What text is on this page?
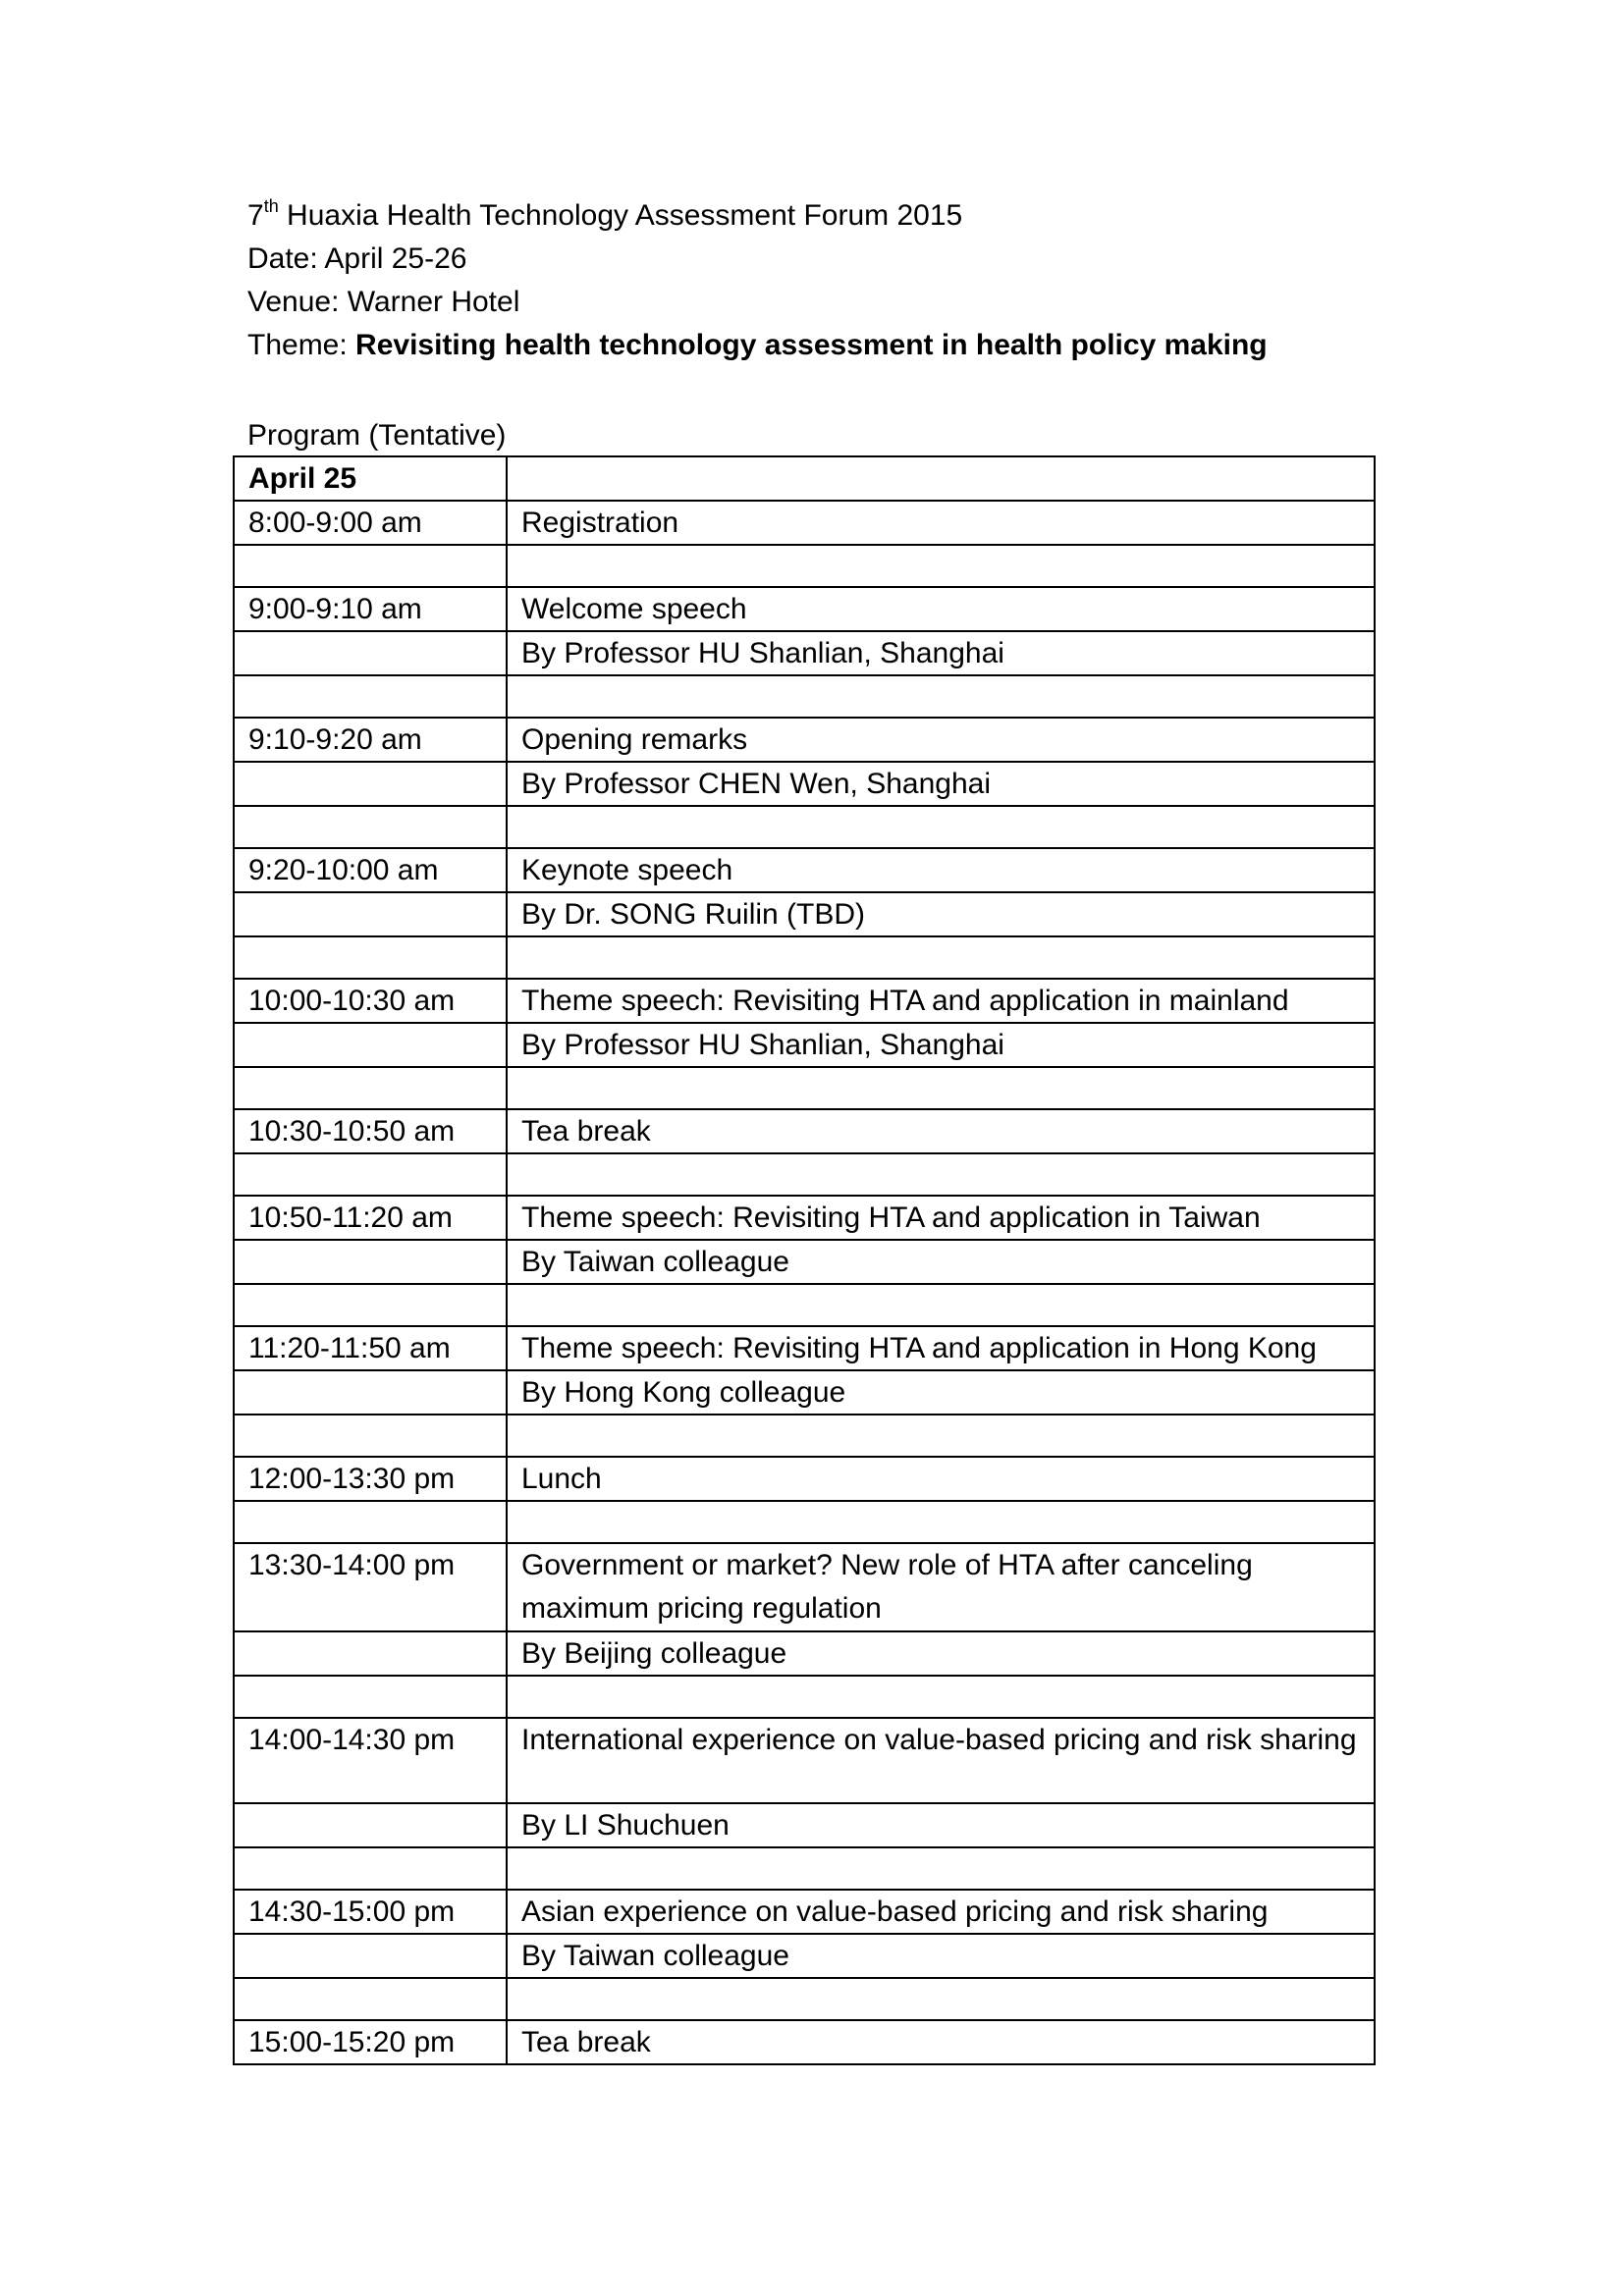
7th Huaxia Health Technology Assessment Forum 2015
Date: April 25-26
Venue: Warner Hotel
Theme: Revisiting health technology assessment in health policy making
Program (Tentative)
April 25	
8:00-9:00 am	Registration

9:00-9:10 am	Welcome speech
	By Professor HU Shanlian, Shanghai

9:10-9:20 am	Opening remarks
	By Professor CHEN Wen, Shanghai

9:20-10:00 am	Keynote speech
	By Dr. SONG Ruilin (TBD)

10:00-10:30 am	Theme speech: Revisiting HTA and application in mainland
	By Professor HU Shanlian, Shanghai

10:30-10:50 am	Tea break

10:50-11:20 am	Theme speech: Revisiting HTA and application in Taiwan
	By Taiwan colleague

11:20-11:50 am	Theme speech: Revisiting HTA and application in Hong Kong
	By Hong Kong colleague

12:00-13:30 pm	Lunch

13:30-14:00 pm	Government or market? New role of HTA after canceling maximum pricing regulation
	By Beijing colleague

14:00-14:30 pm	International experience on value-based pricing and risk sharing
	By LI Shuchuen

14:30-15:00 pm	Asian experience on value-based pricing and risk sharing
	By Taiwan colleague

15:00-15:20 pm	Tea break
